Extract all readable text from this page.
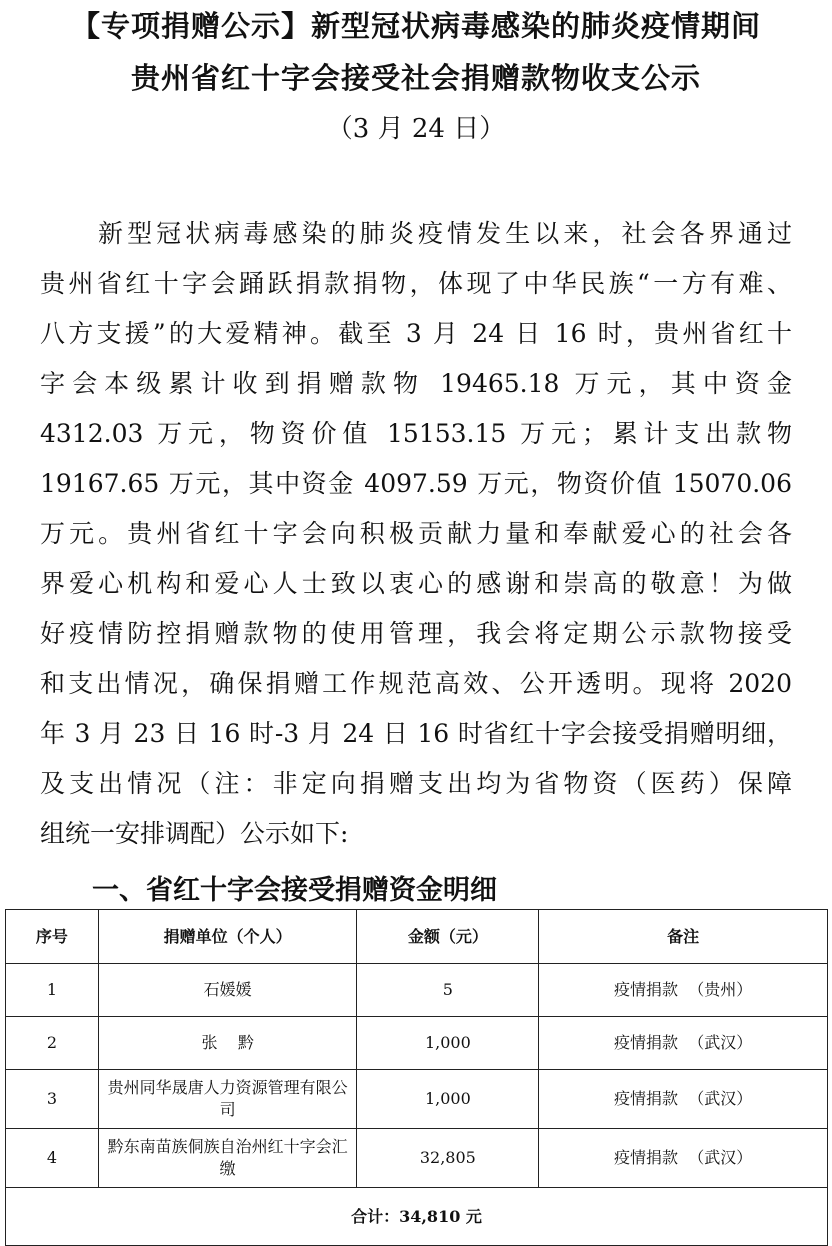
【专项捐赠公示】新型冠状病毒感染的肺炎疫情期间
贵州省红十字会接受社会捐赠款物收支公示
（3 月 24 日）
新型冠状病毒感染的肺炎疫情发生以来，社会各界通过
贵州省红十字会踊跃捐款捐物，体现了中华民族“一方有难、
八方支援”的大爱精神。截至 3 月 24 日 16 时，贵州省红十
字会本级累计收到捐赠款物 19465.18 万元，其中资金
4312.03 万元，物资价值 15153.15 万元；累计支出款物
19167.65 万元，其中资金 4097.59 万元，物资价值 15070.06
万元。贵州省红十字会向积极贡献力量和奉献爱心的社会各
界爱心机构和爱心人士致以衷心的感谢和崇高的敬意！为做
好疫情防控捐赠款物的使用管理，我会将定期公示款物接受
和支出情况，确保捐赠工作规范高效、公开透明。现将 2020
年 3 月 23 日 16 时-3 月 24 日 16 时省红十字会接受捐赠明细，
及支出情况（注：非定向捐赠支出均为省物资（医药）保障
组统一安排调配）公示如下:
一、省红十字会接受捐赠资金明细
序号	捐赠单位（个人）	金额（元）	备注
1	石媛媛	5	疫情捐款  （贵州）
2	张    黔	1,000	疫情捐款  （武汉）
3	贵州同华晟唐人力资源管理有限公司	1,000	疫情捐款  （武汉）
4	黔东南苗族侗族自治州红十字会汇缴	32,805	疫情捐款  （武汉）
合计：34,810 元			
